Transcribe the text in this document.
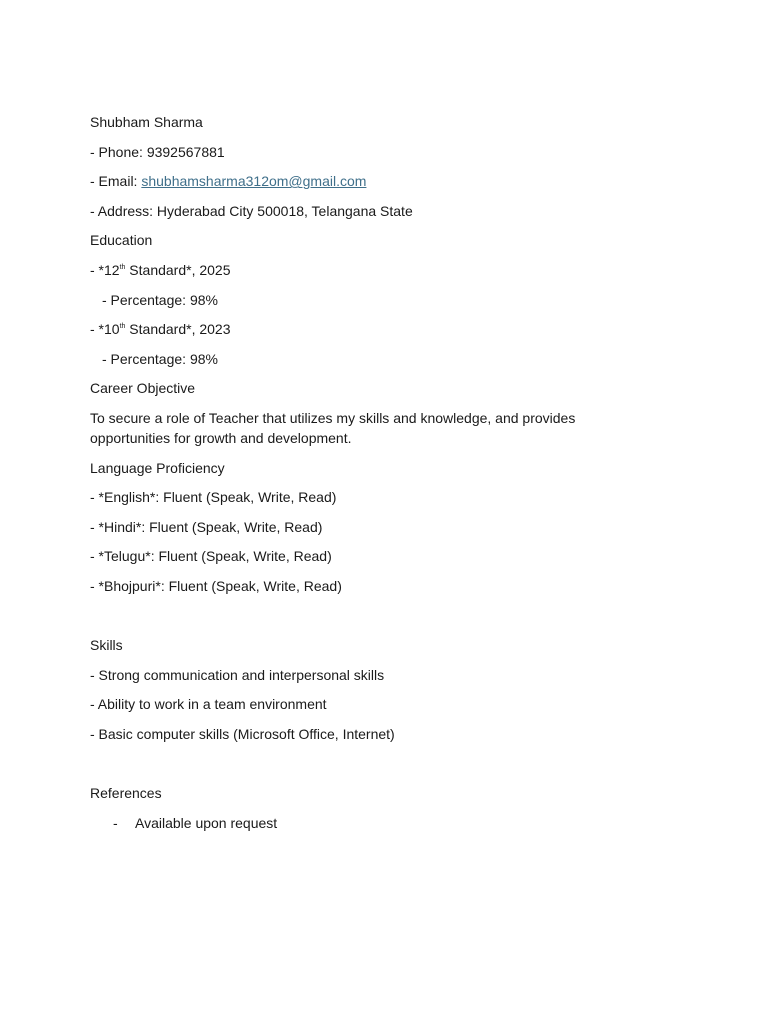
Shubham Sharma
- Phone: 9392567881
- Email: shubhamsharma312om@gmail.com
- Address: Hyderabad City 500018, Telangana State
Education
- *12th Standard*, 2025
- Percentage: 98%
- *10th Standard*, 2023
- Percentage: 98%
Career Objective
To secure a role of Teacher that utilizes my skills and knowledge, and provides opportunities for growth and development.
Language Proficiency
- *English*: Fluent (Speak, Write, Read)
- *Hindi*: Fluent (Speak, Write, Read)
- *Telugu*: Fluent (Speak, Write, Read)
- *Bhojpuri*: Fluent (Speak, Write, Read)
Skills
- Strong communication and interpersonal skills
- Ability to work in a team environment
- Basic computer skills (Microsoft Office, Internet)
References
-	Available upon request
